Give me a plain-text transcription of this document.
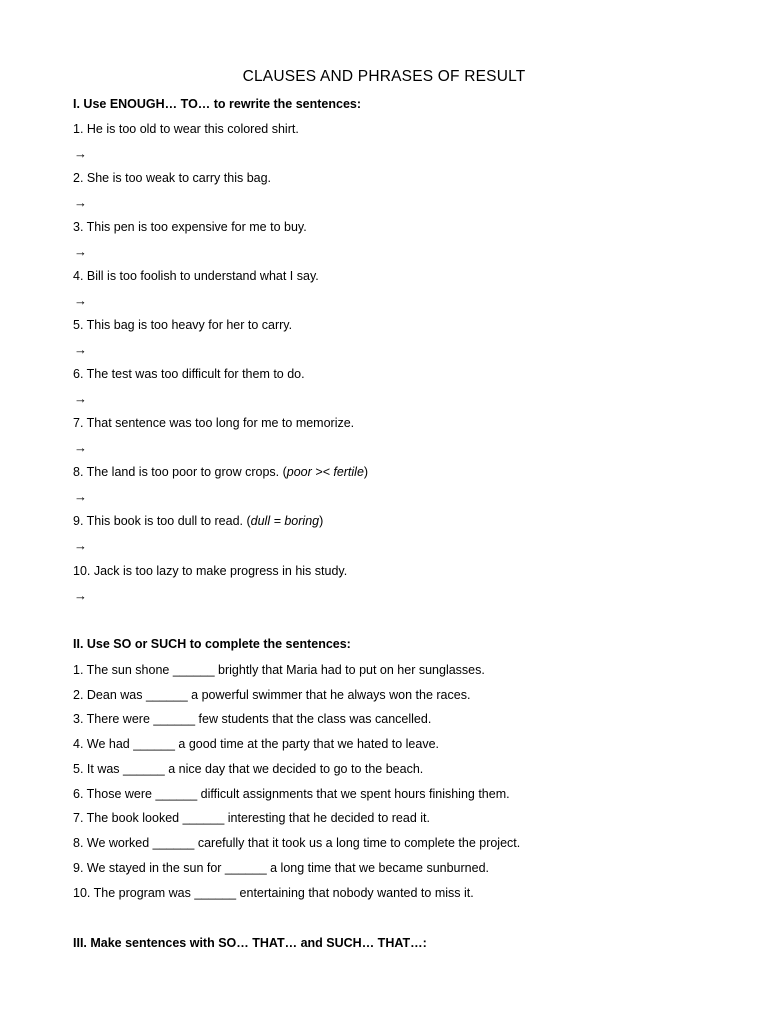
CLAUSES AND PHRASES OF RESULT
I. Use ENOUGH… TO… to rewrite the sentences:
1. He is too old to wear this colored shirt.
→
2. She is too weak to carry this bag.
→
3. This pen is too expensive for me to buy.
→
4. Bill is too foolish to understand what I say.
→
5. This bag is too heavy for her to carry.
→
6. The test was too difficult for them to do.
→
7. That sentence was too long for me to memorize.
→
8. The land is too poor to grow crops. (poor >< fertile)
→
9. This book is too dull to read. (dull = boring)
→
10. Jack is too lazy to make progress in his study.
→
II. Use SO or SUCH to complete the sentences:
1. The sun shone ______ brightly that Maria had to put on her sunglasses.
2. Dean was ______ a powerful swimmer that he always won the races.
3. There were ______ few students that the class was cancelled.
4. We had ______ a good time at the party that we hated to leave.
5. It was ______ a nice day that we decided to go to the beach.
6. Those were ______ difficult assignments that we spent hours finishing them.
7. The book looked ______ interesting that he decided to read it.
8. We worked ______ carefully that it took us a long time to complete the project.
9. We stayed in the sun for ______ a long time that we became sunburned.
10. The program was ______ entertaining that nobody wanted to miss it.
III. Make sentences with SO… THAT… and SUCH… THAT…:
